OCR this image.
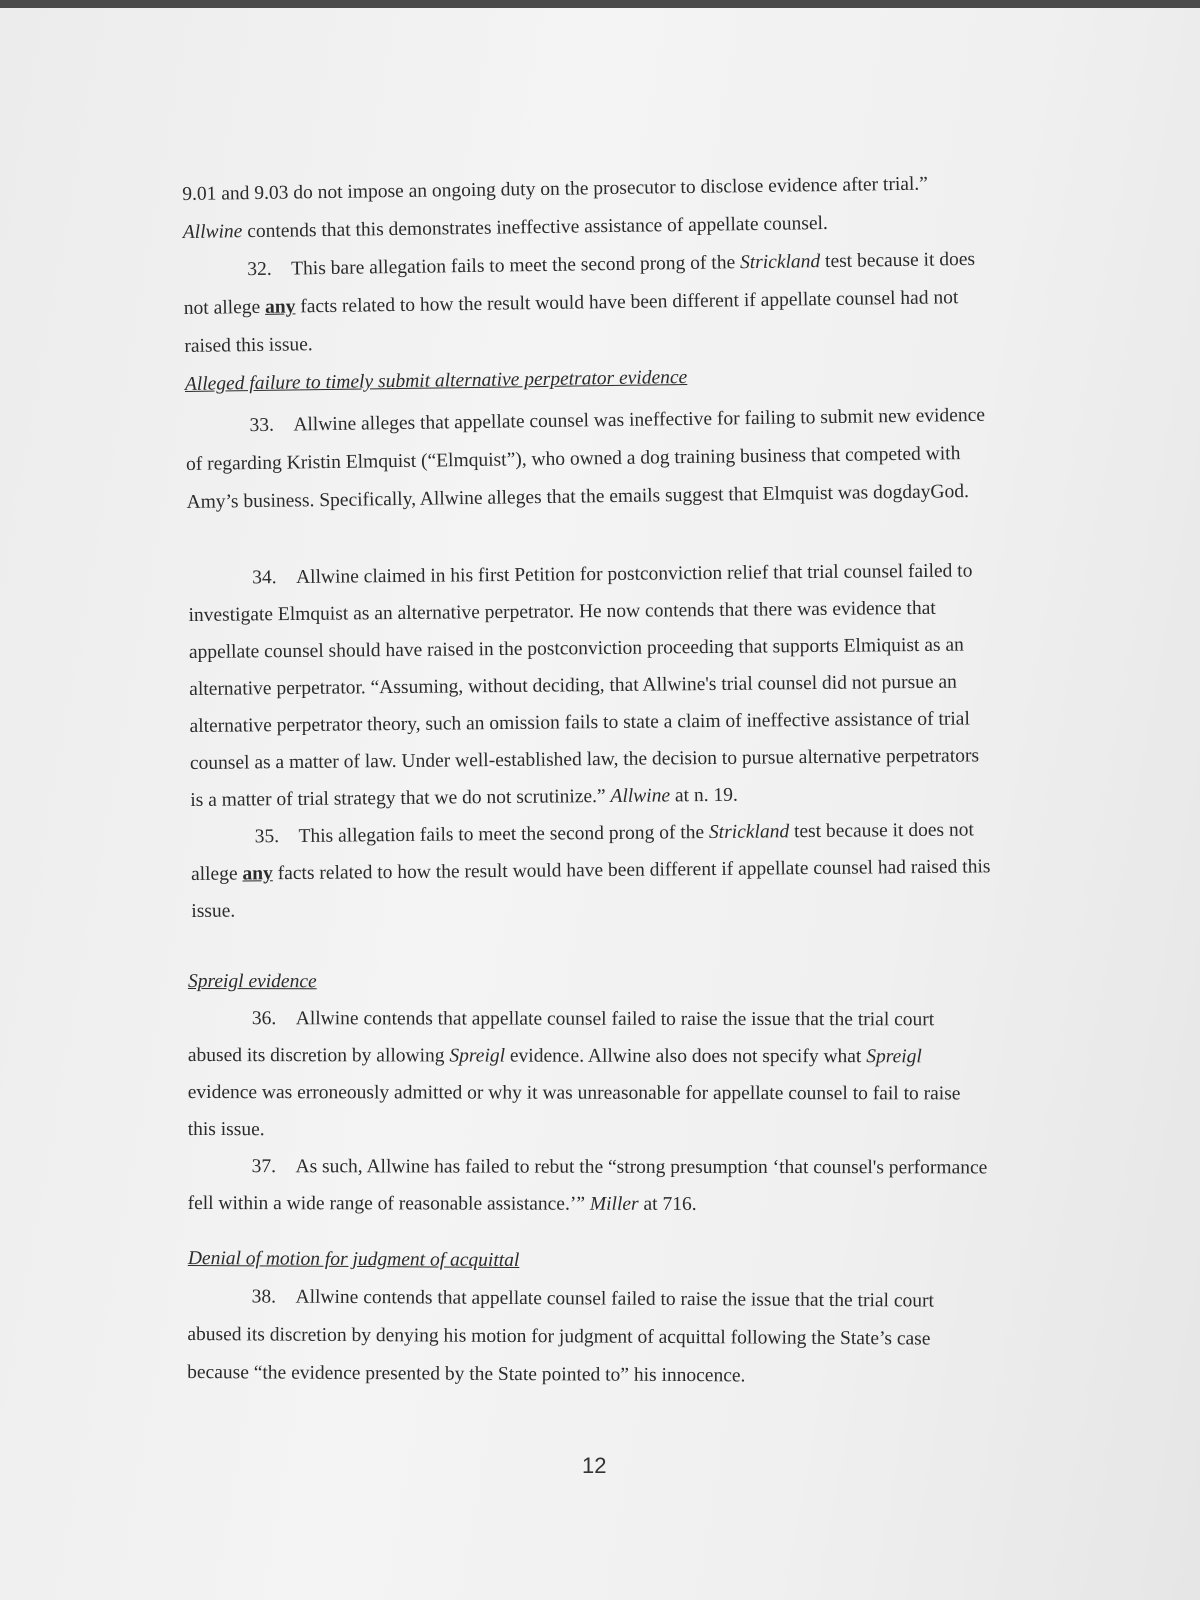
9.01 and 9.03 do not impose an ongoing duty on the prosecutor to disclose evidence after trial.” Allwine contends that this demonstrates ineffective assistance of appellate counsel.

32. This bare allegation fails to meet the second prong of the Strickland test because it does not allege any facts related to how the result would have been different if appellate counsel had not raised this issue.

Alleged failure to timely submit alternative perpetrator evidence

33. Allwine alleges that appellate counsel was ineffective for failing to submit new evidence of regarding Kristin Elmquist (“Elmquist”), who owned a dog training business that competed with Amy’s business. Specifically, Allwine alleges that the emails suggest that Elmquist was dogdayGod.

34. Allwine claimed in his first Petition for postconviction relief that trial counsel failed to investigate Elmquist as an alternative perpetrator. He now contends that there was evidence that appellate counsel should have raised in the postconviction proceeding that supports Elmiquist as an alternative perpetrator. “Assuming, without deciding, that Allwine's trial counsel did not pursue an alternative perpetrator theory, such an omission fails to state a claim of ineffective assistance of trial counsel as a matter of law. Under well-established law, the decision to pursue alternative perpetrators is a matter of trial strategy that we do not scrutinize.” Allwine at n. 19.

35. This allegation fails to meet the second prong of the Strickland test because it does not allege any facts related to how the result would have been different if appellate counsel had raised this issue.

Spreigl evidence

36. Allwine contends that appellate counsel failed to raise the issue that the trial court abused its discretion by allowing Spreigl evidence. Allwine also does not specify what Spreigl evidence was erroneously admitted or why it was unreasonable for appellate counsel to fail to raise this issue.

37. As such, Allwine has failed to rebut the “strong presumption ‘that counsel's performance fell within a wide range of reasonable assistance.’” Miller at 716.

Denial of motion for judgment of acquittal

38. Allwine contends that appellate counsel failed to raise the issue that the trial court abused its discretion by denying his motion for judgment of acquittal following the State’s case because “the evidence presented by the State pointed to” his innocence.

12
